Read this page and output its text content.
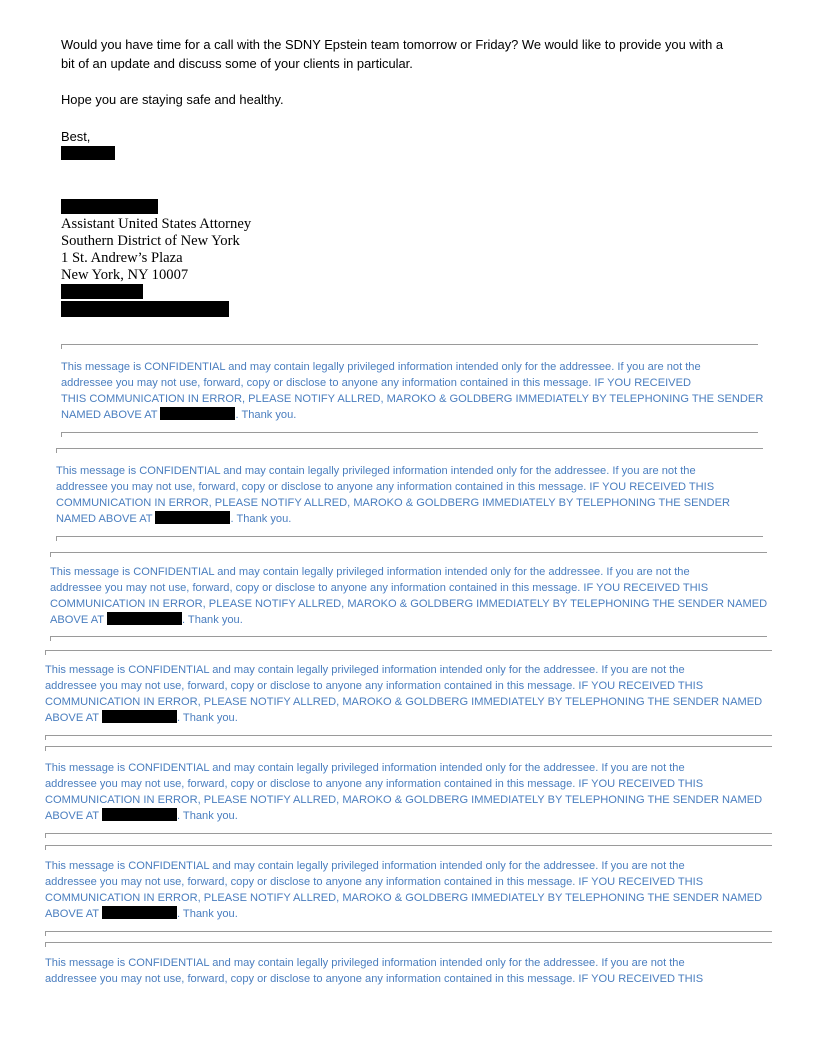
Would you have time for a call with the SDNY Epstein team tomorrow or Friday? We would like to provide you with a
bit of an update and discuss some of your clients in particular.
Hope you are staying safe and healthy.
Best,
Assistant United States Attorney
Southern District of New York
1 St. Andrew’s Plaza
New York, NY 10007
This message is CONFIDENTIAL and may contain legally privileged information intended only for the addressee. If you are not the
addressee you may not use, forward, copy or disclose to anyone any information contained in this message. IF YOU RECEIVED
THIS COMMUNICATION IN ERROR, PLEASE NOTIFY ALLRED, MAROKO & GOLDBERG IMMEDIATELY BY TELEPHONING THE SENDER
NAMED ABOVE AT	. Thank you.
This message is CONFIDENTIAL and may contain legally privileged information intended only for the addressee. If you are not the
addressee you may not use, forward, copy or disclose to anyone any information contained in this message. IF YOU RECEIVED THIS
COMMUNICATION IN ERROR, PLEASE NOTIFY ALLRED, MAROKO & GOLDBERG IMMEDIATELY BY TELEPHONING THE SENDER
NAMED ABOVE AT	. Thank you.
This message is CONFIDENTIAL and may contain legally privileged information intended only for the addressee. If you are not the
addressee you may not use, forward, copy or disclose to anyone any information contained in this message. IF YOU RECEIVED THIS
COMMUNICATION IN ERROR, PLEASE NOTIFY ALLRED, MAROKO & GOLDBERG IMMEDIATELY BY TELEPHONING THE SENDER NAMED
ABOVE AT	. Thank you.
This message is CONFIDENTIAL and may contain legally privileged information intended only for the addressee. If you are not the
addressee you may not use, forward, copy or disclose to anyone any information contained in this message. IF YOU RECEIVED THIS
COMMUNICATION IN ERROR, PLEASE NOTIFY ALLRED, MAROKO & GOLDBERG IMMEDIATELY BY TELEPHONING THE SENDER NAMED
ABOVE AT	. Thank you.
This message is CONFIDENTIAL and may contain legally privileged information intended only for the addressee. If you are not the
addressee you may not use, forward, copy or disclose to anyone any information contained in this message. IF YOU RECEIVED THIS
COMMUNICATION IN ERROR, PLEASE NOTIFY ALLRED, MAROKO & GOLDBERG IMMEDIATELY BY TELEPHONING THE SENDER NAMED
ABOVE AT	. Thank you.
This message is CONFIDENTIAL and may contain legally privileged information intended only for the addressee. If you are not the
addressee you may not use, forward, copy or disclose to anyone any information contained in this message. IF YOU RECEIVED THIS
COMMUNICATION IN ERROR, PLEASE NOTIFY ALLRED, MAROKO & GOLDBERG IMMEDIATELY BY TELEPHONING THE SENDER NAMED
ABOVE AT	. Thank you.
This message is CONFIDENTIAL and may contain legally privileged information intended only for the addressee. If you are not the
addressee you may not use, forward, copy or disclose to anyone any information contained in this message. IF YOU RECEIVED THIS
